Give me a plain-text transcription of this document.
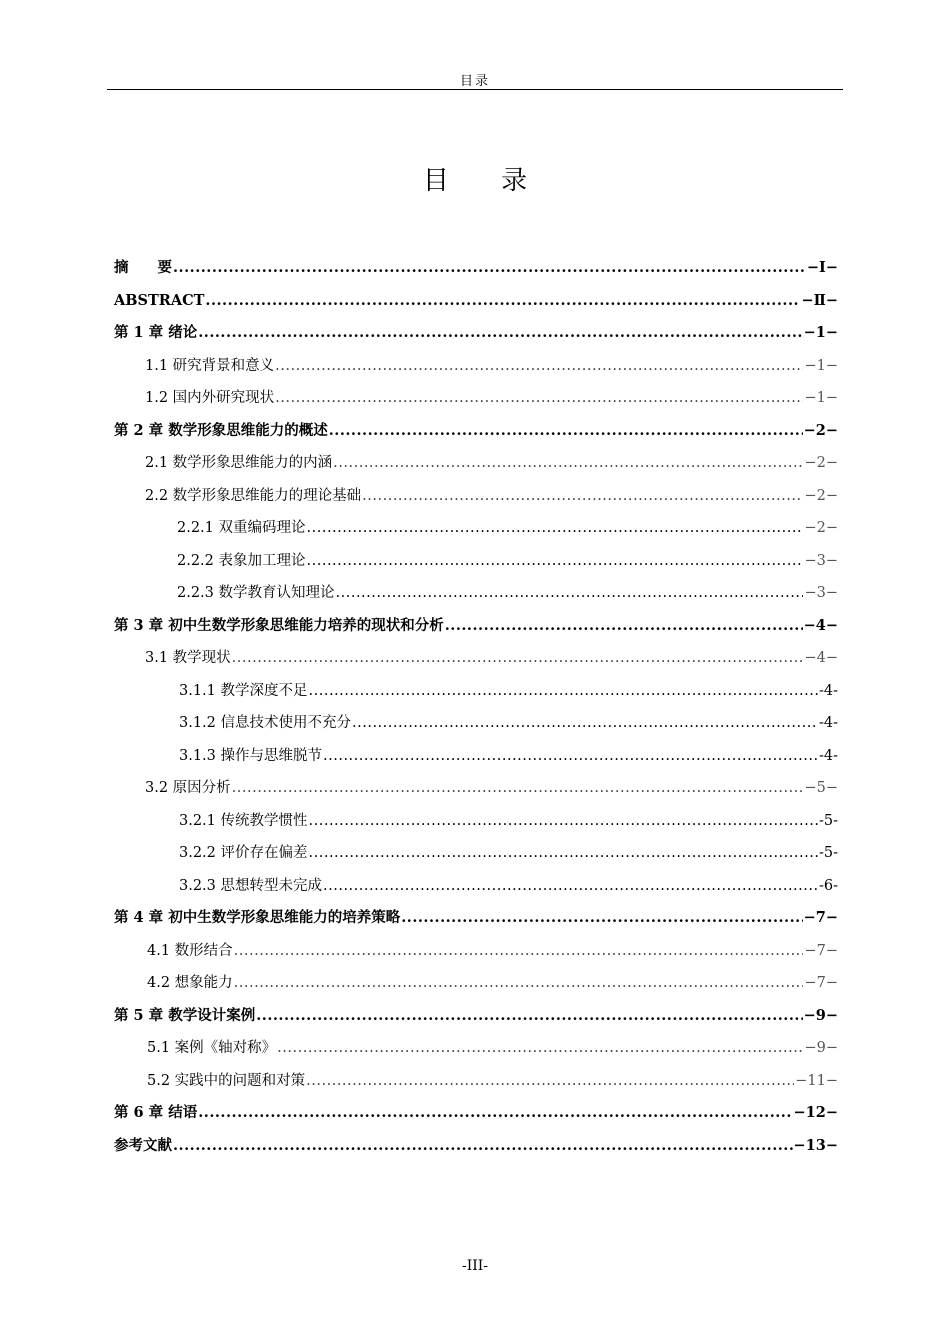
目录
目 录
摘　　要 .....	−Ⅰ−
ABSTRACT .....	−Ⅱ−
第 1 章 绪论 .....	−1−
1.1 研究背景和意义 .....	−1−
1.2 国内外研究现状 .....	−1−
第 2 章 数学形象思维能力的概述 .....	−2−
2.1 数学形象思维能力的内涵 .....	−2−
2.2 数学形象思维能力的理论基础 .....	−2−
2.2.1 双重编码理论 .....	−2−
2.2.2 表象加工理论 .....	−3−
2.2.3 数学教育认知理论 .....	−3−
第 3 章 初中生数学形象思维能力培养的现状和分析 .....	−4−
3.1 教学现状 .....	−4−
3.1.1 教学深度不足 .....	-4-
3.1.2 信息技术使用不充分 .....	-4-
3.1.3 操作与思维脱节 .....	-4-
3.2 原因分析 .....	−5−
3.2.1 传统教学惯性 .....	-5-
3.2.2 评价存在偏差 .....	-5-
3.2.3 思想转型未完成 .....	-6-
第 4 章 初中生数学形象思维能力的培养策略 .....	−7−
4.1 数形结合 .....	−7−
4.2 想象能力 .....	−7−
第 5 章 教学设计案例 .....	−9−
5.1 案例《轴对称》 .....	−9−
5.2 实践中的问题和对策 .....	−11−
第 6 章 结语 .....	−12−
参考文献 .....	−13−
-III-
